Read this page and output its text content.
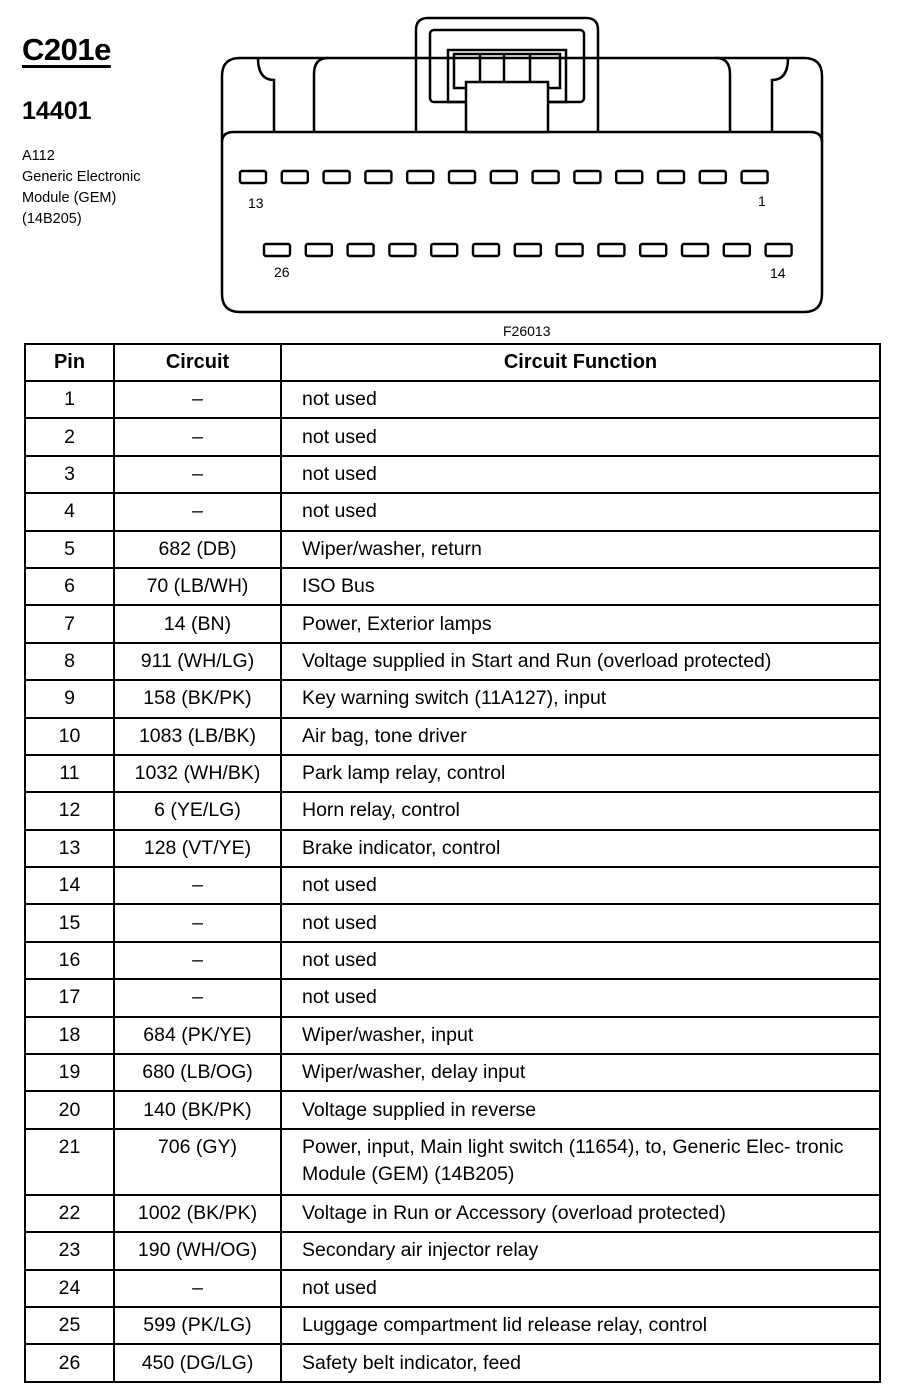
C201e
14401
A112
Generic Electronic
Module (GEM)
(14B205)
13	1
26	14
F26013
Pin	Circuit	Circuit Function
1	–	not used
2	–	not used
3	–	not used
4	–	not used
5	682 (DB)	Wiper/washer, return
6	70 (LB/WH)	ISO Bus
7	14 (BN)	Power, Exterior lamps
8	911 (WH/LG)	Voltage supplied in Start and Run (overload protected)
9	158 (BK/PK)	Key warning switch (11A127), input
10	1083 (LB/BK)	Air bag, tone driver
11	1032 (WH/BK)	Park lamp relay, control
12	6 (YE/LG)	Horn relay, control
13	128 (VT/YE)	Brake indicator, control
14	–	not used
15	–	not used
16	–	not used
17	–	not used
18	684 (PK/YE)	Wiper/washer, input
19	680 (LB/OG)	Wiper/washer, delay input
20	140 (BK/PK)	Voltage supplied in reverse
21	706 (GY)	Power, input, Main light switch (11654), to, Generic Elec- tronic Module (GEM) (14B205)
22	1002 (BK/PK)	Voltage in Run or Accessory (overload protected)
23	190 (WH/OG)	Secondary air injector relay
24	–	not used
25	599 (PK/LG)	Luggage compartment lid release relay, control
26	450 (DG/LG)	Safety belt indicator, feed
